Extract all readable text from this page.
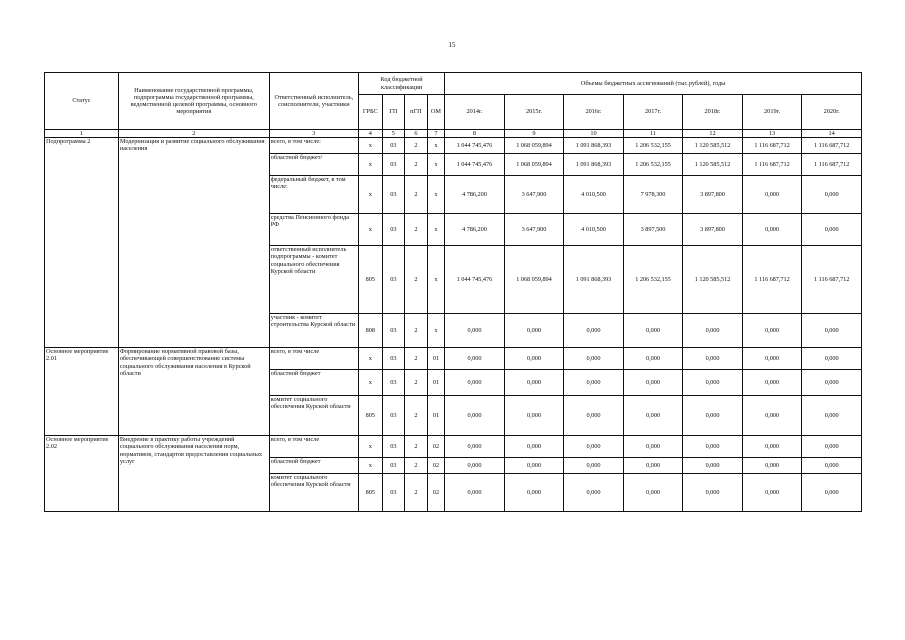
15
Статус	Наименование государственной программы, подпрограммы государственной программы, ведомственной целевой программы, основного мероприятия	Ответственный исполнитель, соисполнители, участники	Код бюджетной классификации				Объемы бюджетных ассигнований (тыс.рублей), годы						
			ГРБС	ГП	пГП	ОМ	2014г.	2015г.	2016г.	2017г.	2018г.	2019г.	2020г.
1	2	3	4	5	6	7	8	9	10	11	12	13	14
Подпрограмма 2	Модернизация и развитие социального обслуживания населения	всего, в том числе:	х	03	2	х	1 044 745,476	1 068 059,894	1 091 868,393	1 206 532,155	1 120 585,512	1 116 687,712	1 116 687,712
		областной бюджет/	х	03	2	х	1 044 745,476	1 068 059,894	1 091 868,393	1 206 532,155	1 120 585,512	1 116 687,712	1 116 687,712
		федеральный бюджет, в том числе:	х	03	2	х	4 786,200	3 647,900	4 010,500	7 978,300	3 897,800	0,000	0,000
		средства Пенсионного фонда РФ	х	03	2	х	4 786,200	3 647,900	4 010,500	3 897,500	3 897,800	0,000	0,000
		ответственный исполнитель подпрограммы - комитет социального обеспечения Курской области	805	03	2	х	1 044 745,476	1 068 059,894	1 091 868,393	1 206 532,155	1 120 585,512	1 116 687,712	1 116 687,712
		участник - комитет строительства Курской области	808	03	2	х	0,000	0,000	0,000	0,000	0,000	0,000	0,000
Основное мероприятие 2.01	Формирование нормативной правовой базы, обеспечивающей совершенствование системы социального обслуживания населения в Курской области	всего, в том числе	х	03	2	01	0,000	0,000	0,000	0,000	0,000	0,000	0,000
		областной бюджет	х	03	2	01	0,000	0,000	0,000	0,000	0,000	0,000	0,000
		комитет социального обеспечения Курской области	805	03	2	01	0,000	0,000	0,000	0,000	0,000	0,000	0,000
Основное мероприятие 2.02	Внедрение в практику работы учреждений социального обслуживания населения норм, нормативов, стандартов предоставления социальных услуг	всего, в том числе	х	03	2	02	0,000	0,000	0,000	0,000	0,000	0,000	0,000
		областной бюджет	х	03	2	02	0,000	0,000	0,000	0,000	0,000	0,000	0,000
		комитет социального обеспечения Курской области	805	03	2	02	0,000	0,000	0,000	0,000	0,000	0,000	0,000
